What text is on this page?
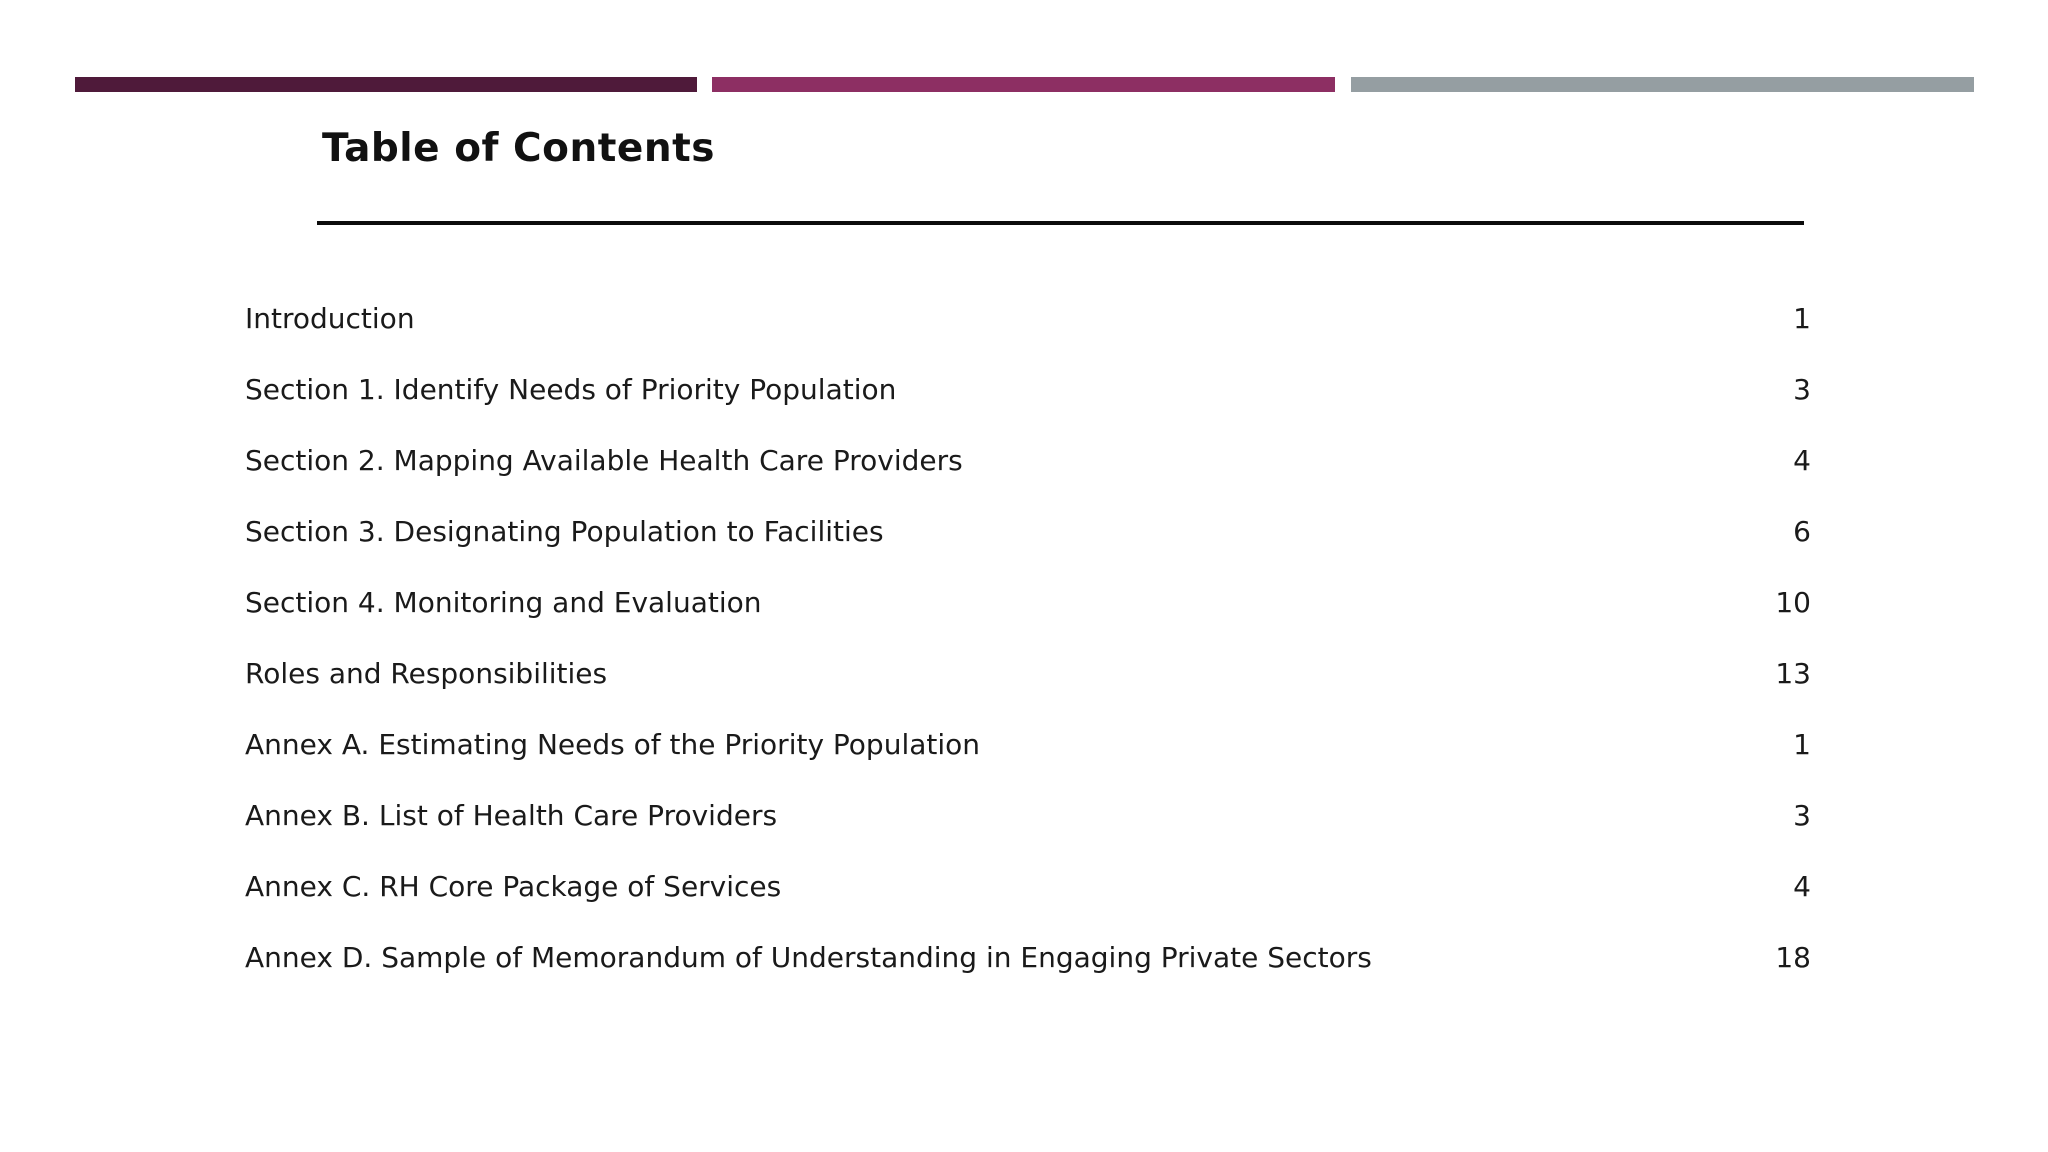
Table of Contents
Introduction	1
Section 1. Identify Needs of Priority Population	3
Section 2. Mapping Available Health Care Providers	4
Section 3. Designating Population to Facilities	6
Section 4. Monitoring and Evaluation	10
Roles and Responsibilities	13
Annex A. Estimating Needs of the Priority Population	1
Annex B. List of Health Care Providers	3
Annex C. RH Core Package of Services	4
Annex D. Sample of Memorandum of Understanding in Engaging Private Sectors	18
